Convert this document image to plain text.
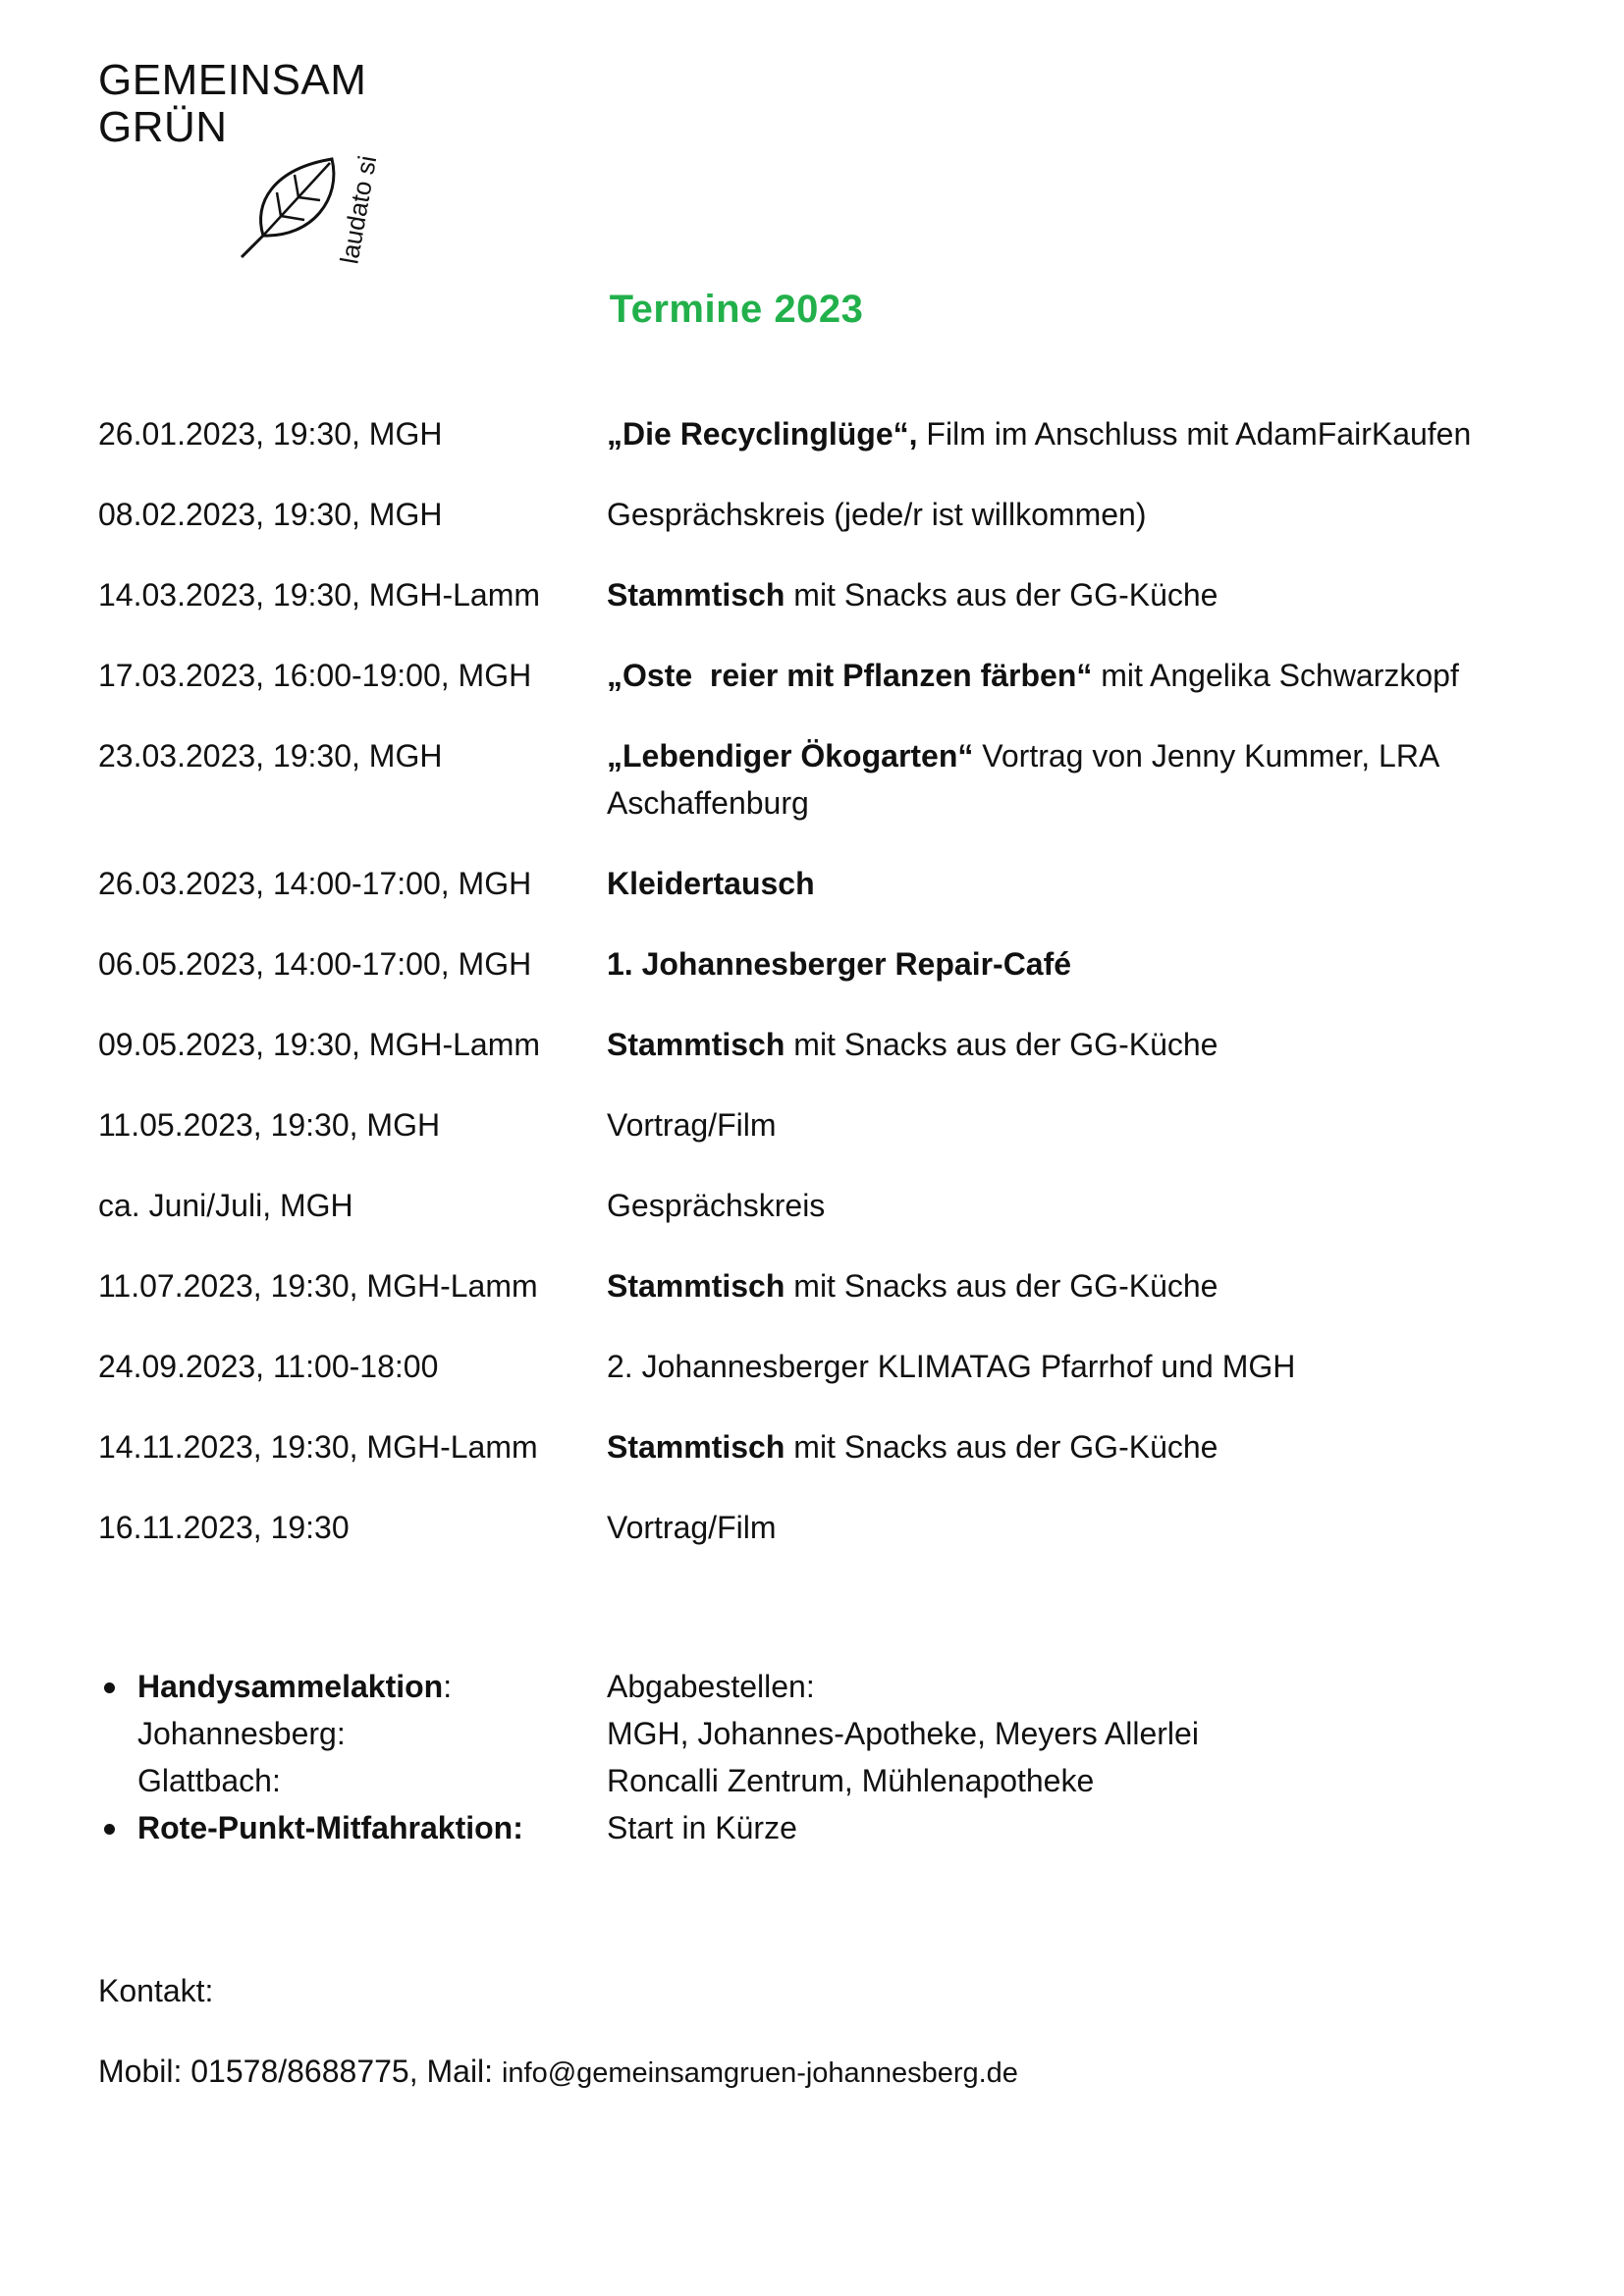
GEMEINSAM
GRÜN
laudato si
Termine 2023
26.01.2023, 19:30, MGH	„Die Recyclinglüge“, Film im Anschluss mit AdamFairKaufen
08.02.2023, 19:30, MGH	Gesprächskreis (jede/r ist willkommen)
14.03.2023, 19:30, MGH-Lamm	Stammtisch mit Snacks aus der GG-Küche
17.03.2023, 16:00-19:00, MGH	„Oste  reier mit Pflanzen färben“ mit Angelika Schwarzkopf
23.03.2023, 19:30, MGH	„Lebendiger Ökogarten“ Vortrag von Jenny Kummer, LRA Aschaffenburg
26.03.2023, 14:00-17:00, MGH	Kleidertausch
06.05.2023, 14:00-17:00, MGH	1. Johannesberger Repair-Café
09.05.2023, 19:30, MGH-Lamm	Stammtisch mit Snacks aus der GG-Küche
11.05.2023, 19:30, MGH	Vortrag/Film
ca. Juni/Juli, MGH	Gesprächskreis
11.07.2023, 19:30, MGH-Lamm	Stammtisch mit Snacks aus der GG-Küche
24.09.2023, 11:00-18:00	2. Johannesberger KLIMATAG Pfarrhof und MGH
14.11.2023, 19:30, MGH-Lamm	Stammtisch mit Snacks aus der GG-Küche
16.11.2023, 19:30	Vortrag/Film
Handysammelaktion:	Abgabestellen:
Johannesberg:	MGH, Johannes-Apotheke, Meyers Allerlei
Glattbach:	Roncalli Zentrum, Mühlenapotheke
Rote-Punkt-Mitfahraktion:	Start in Kürze
Kontakt:
Mobil: 01578/8688775, Mail: info@gemeinsamgruen-johannesberg.de
